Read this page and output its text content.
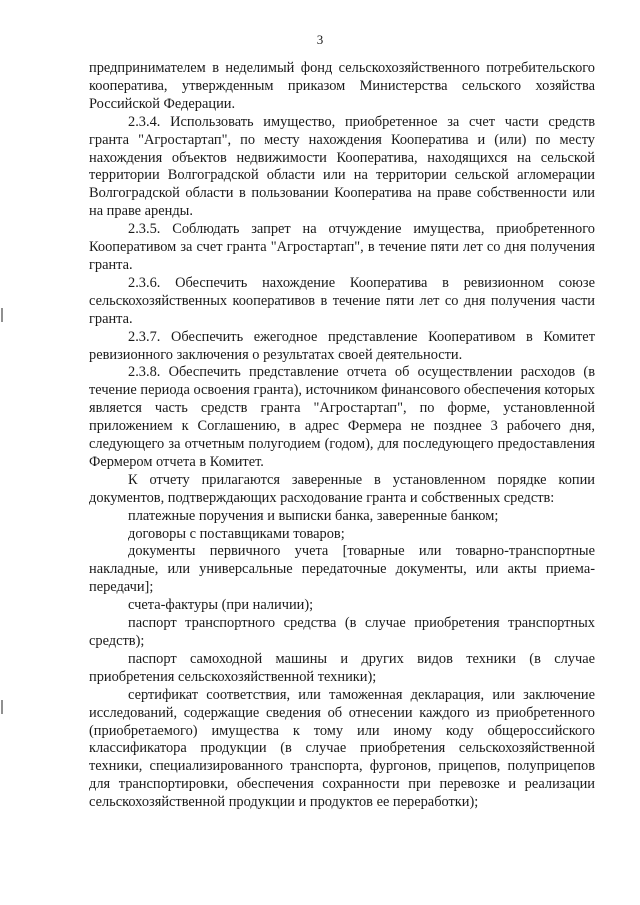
3

предпринимателем в неделимый фонд сельскохозяйственного потребительского кооператива, утвержденным приказом Министерства сельского хозяйства Российской Федерации.

2.3.4. Использовать имущество, приобретенное за счет части средств гранта "Агростартап", по месту нахождения Кооператива и (или) по месту нахождения объектов недвижимости Кооператива, находящихся на сельской территории Волгоградской области или на территории сельской агломерации Волгоградской области в пользовании Кооператива на праве собственности или на праве аренды.

2.3.5. Соблюдать запрет на отчуждение имущества, приобретенного Кооперативом за счет гранта "Агростартап", в течение пяти лет со дня получения гранта.

2.3.6. Обеспечить нахождение Кооператива в ревизионном союзе сельскохозяйственных кооперативов в течение пяти лет со дня получения части гранта.

2.3.7. Обеспечить ежегодное представление Кооперативом в Комитет ревизионного заключения о результатах своей деятельности.

2.3.8. Обеспечить представление отчета об осуществлении расходов (в течение периода освоения гранта), источником финансового обеспечения которых является часть средств гранта "Агростартап", по форме, установленной приложением к Соглашению, в адрес Фермера не позднее 3 рабочего дня, следующего за отчетным полугодием (годом), для последующего предоставления Фермером отчета в Комитет.

К отчету прилагаются заверенные в установленном порядке копии документов, подтверждающих расходование гранта и собственных средств:

платежные поручения и выписки банка, заверенные банком;

договоры с поставщиками товаров;

документы первичного учета [товарные или товарно-транспортные накладные, или универсальные передаточные документы, или акты приема-передачи];

счета-фактуры (при наличии);

паспорт транспортного средства (в случае приобретения транспортных средств);

паспорт самоходной машины и других видов техники (в случае приобретения сельскохозяйственной техники);

сертификат соответствия, или таможенная декларация, или заключение исследований, содержащие сведения об отнесении каждого из приобретенного (приобретаемого) имущества к тому или иному коду общероссийского классификатора продукции (в случае приобретения сельскохозяйственной техники, специализированного транспорта, фургонов, прицепов, полуприцепов для транспортировки, обеспечения сохранности при перевозке и реализации сельскохозяйственной продукции и продуктов ее переработки);
